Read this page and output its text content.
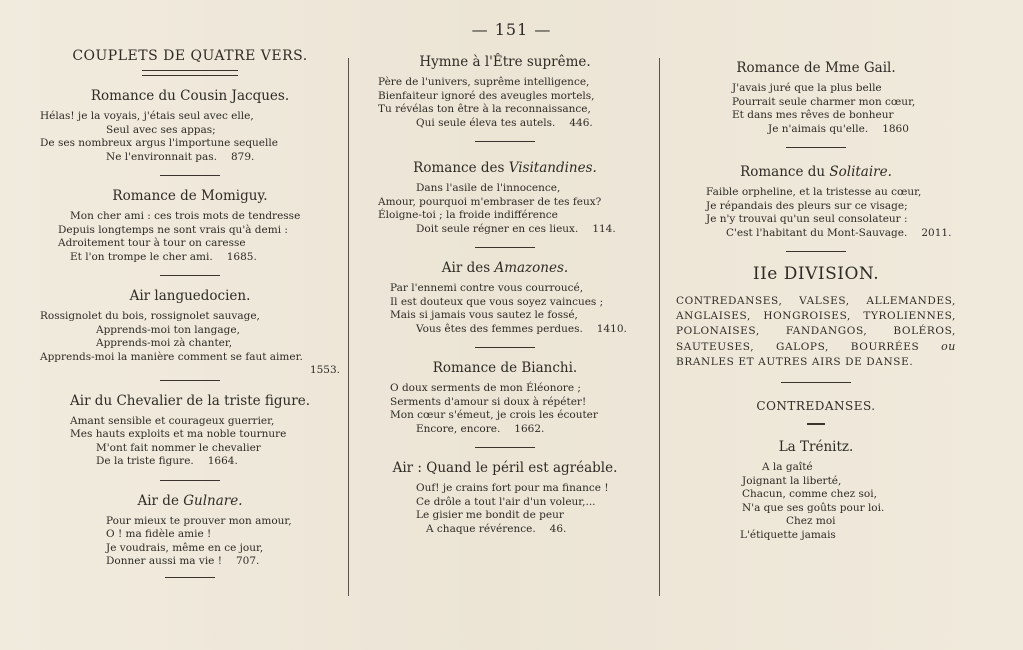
— 151 —
COUPLETS DE QUATRE VERS.
Romance du Cousin Jacques.
Hélas! je la voyais, j'étais seul avec elle,
Seul avec ses appas;
De ses nombreux argus l'importune sequelle
Ne l'environnait pas. 879.
Romance de Momiguy.
Mon cher ami : ces trois mots de tendresse
Depuis longtemps ne sont vrais qu'à demi :
Adroitement tour à tour on caresse
Et l'on trompe le cher ami. 1685.
Air languedocien.
Rossignolet du bois, rossignolet sauvage,
Apprends-moi ton langage,
Apprends-moi zà chanter,
Apprends-moi la manière comment se faut aimer.
1553.
Air du Chevalier de la triste figure.
Amant sensible et courageux guerrier,
Mes hauts exploits et ma noble tournure
M'ont fait nommer le chevalier
De la triste figure. 1664.
Air de Gulnare.
Pour mieux te prouver mon amour,
O ! ma fidèle amie !
Je voudrais, même en ce jour,
Donner aussi ma vie ! 707.
Hymne à l'Être suprême.
Père de l'univers, suprême intelligence,
Bienfaiteur ignoré des aveugles mortels,
Tu révélas ton être à la reconnaissance,
Qui seule éleva tes autels. 446.
Romance des Visitandines.
Dans l'asile de l'innocence,
Amour, pourquoi m'embraser de tes feux?
Éloigne-toi ; la froide indifférence
Doit seule régner en ces lieux. 114.
Air des Amazones.
Par l'ennemi contre vous courroucé,
Il est douteux que vous soyez vaincues ;
Mais si jamais vous sautez le fossé,
Vous êtes des femmes perdues. 1410.
Romance de Bianchi.
O doux serments de mon Éléonore ;
Serments d'amour si doux à répéter!
Mon cœur s'émeut, je crois les écouter
Encore, encore. 1662.
Air : Quand le péril est agréable.
Ouf! je crains fort pour ma finance !
Ce drôle a tout l'air d'un voleur,...
Le gisier me bondit de peur
A chaque révérence. 46.
Romance de Mme Gail.
J'avais juré que la plus belle
Pourrait seule charmer mon cœur,
Et dans mes rêves de bonheur
Je n'aimais qu'elle. 1860
Romance du Solitaire.
Faible orpheline, et la tristesse au cœur,
Je répandais des pleurs sur ce visage;
Je n'y trouvai qu'un seul consolateur :
C'est l'habitant du Mont-Sauvage. 2011.
IIe DIVISION.
CONTREDANSES, VALSES, ALLEMANDES, ANGLAISES, HONGROISES, TYROLIENNES, POLONAISES, FANDANGOS, BOLÉROS, SAUTEUSES, GALOPS, BOURRÉES ou BRANLES ET AUTRES AIRS DE DANSE.
CONTREDANSES.
La Trénitz.
A la gaîté
Joignant la liberté,
Chacun, comme chez soi,
N'a que ses goûts pour loi.
Chez moi
L'étiquette jamais
